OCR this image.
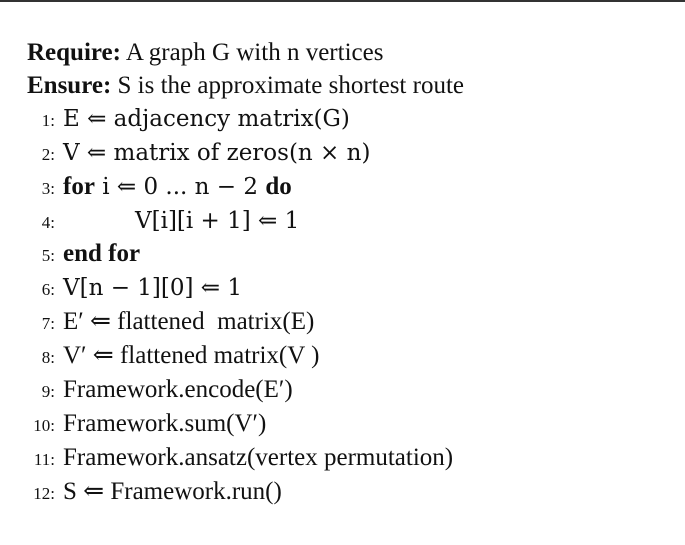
Require: A graph G with n vertices

Ensure: S is the approximate shortest route

1: E ⇐ adjacency matrix(G)

2: V ⇐ matrix of zeros(n × n)

3: for i ⇐ 0 ... n − 2 do

4:	V[i][i + 1] ⇐ 1

5: end for

6: V[n − 1][0] ⇐ 1

7: E′ ⇐ flattened  matrix(E)

8: V′ ⇐ flattened matrix(V )

9: Framework.encode(E′)

10: Framework.sum(V′)

11: Framework.ansatz(vertex permutation)

12: S ⇐ Framework.run()
